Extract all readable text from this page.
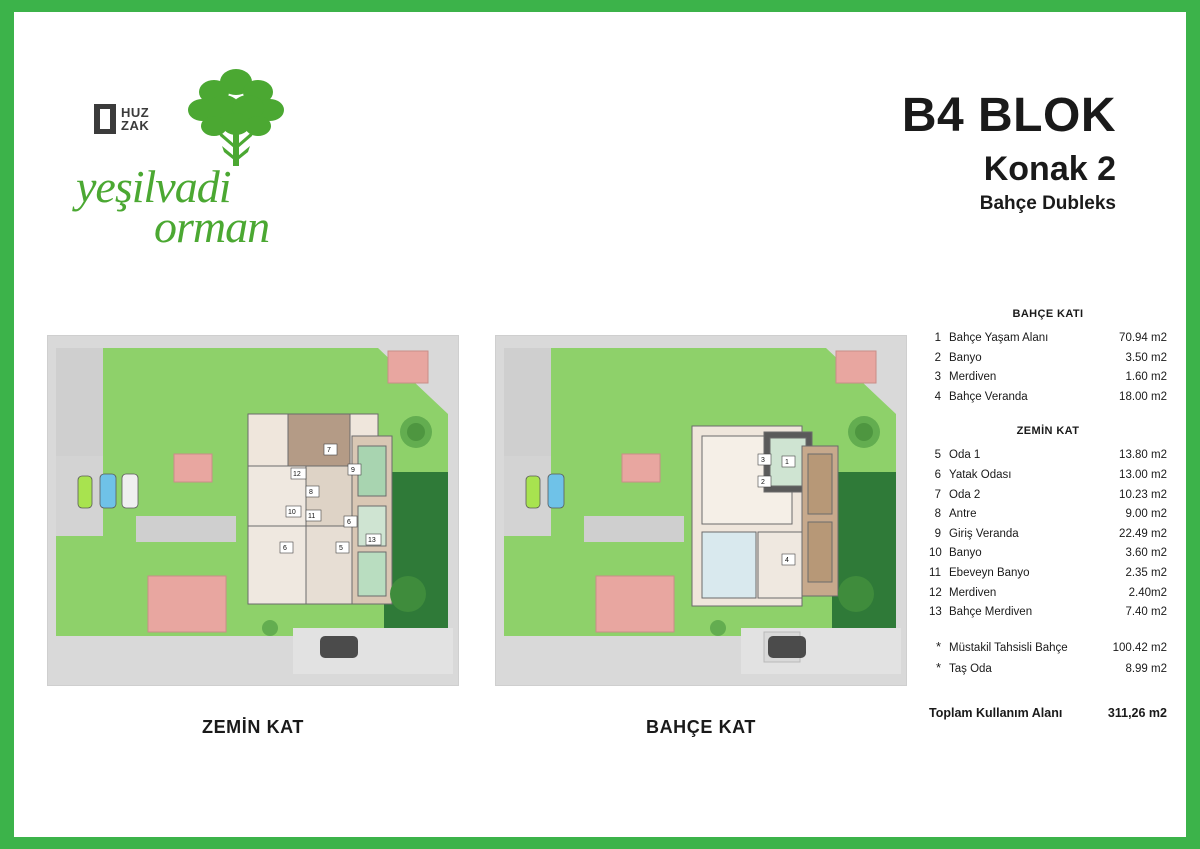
HUZ
ZAK
yeşilvadi
orman
B4 BLOK
Konak 2
Bahçe Dubleks
7
9
12
8
11
10
6
6	5
13
ZEMİN KAT
3	1
2
4
BAHÇE KAT
BAHÇE KATI
1 Bahçe Yaşam Alanı	70.94 m2
2 Banyo	3.50 m2
3 Merdiven	1.60 m2
4 Bahçe Veranda	18.00 m2
ZEMİN KAT
5 Oda 1	13.80 m2
6 Yatak Odası	13.00 m2
7 Oda 2	10.23 m2
8 Antre	9.00 m2
9 Giriş Veranda	22.49 m2
10 Banyo	3.60 m2
11 Ebeveyn Banyo	2.35 m2
12 Merdiven	2.40m2
13 Bahçe Merdiven	7.40 m2
* Müstakil Tahsisli Bahçe	100.42 m2
* Taş Oda	8.99 m2
Toplam Kullanım Alanı	311,26 m2
